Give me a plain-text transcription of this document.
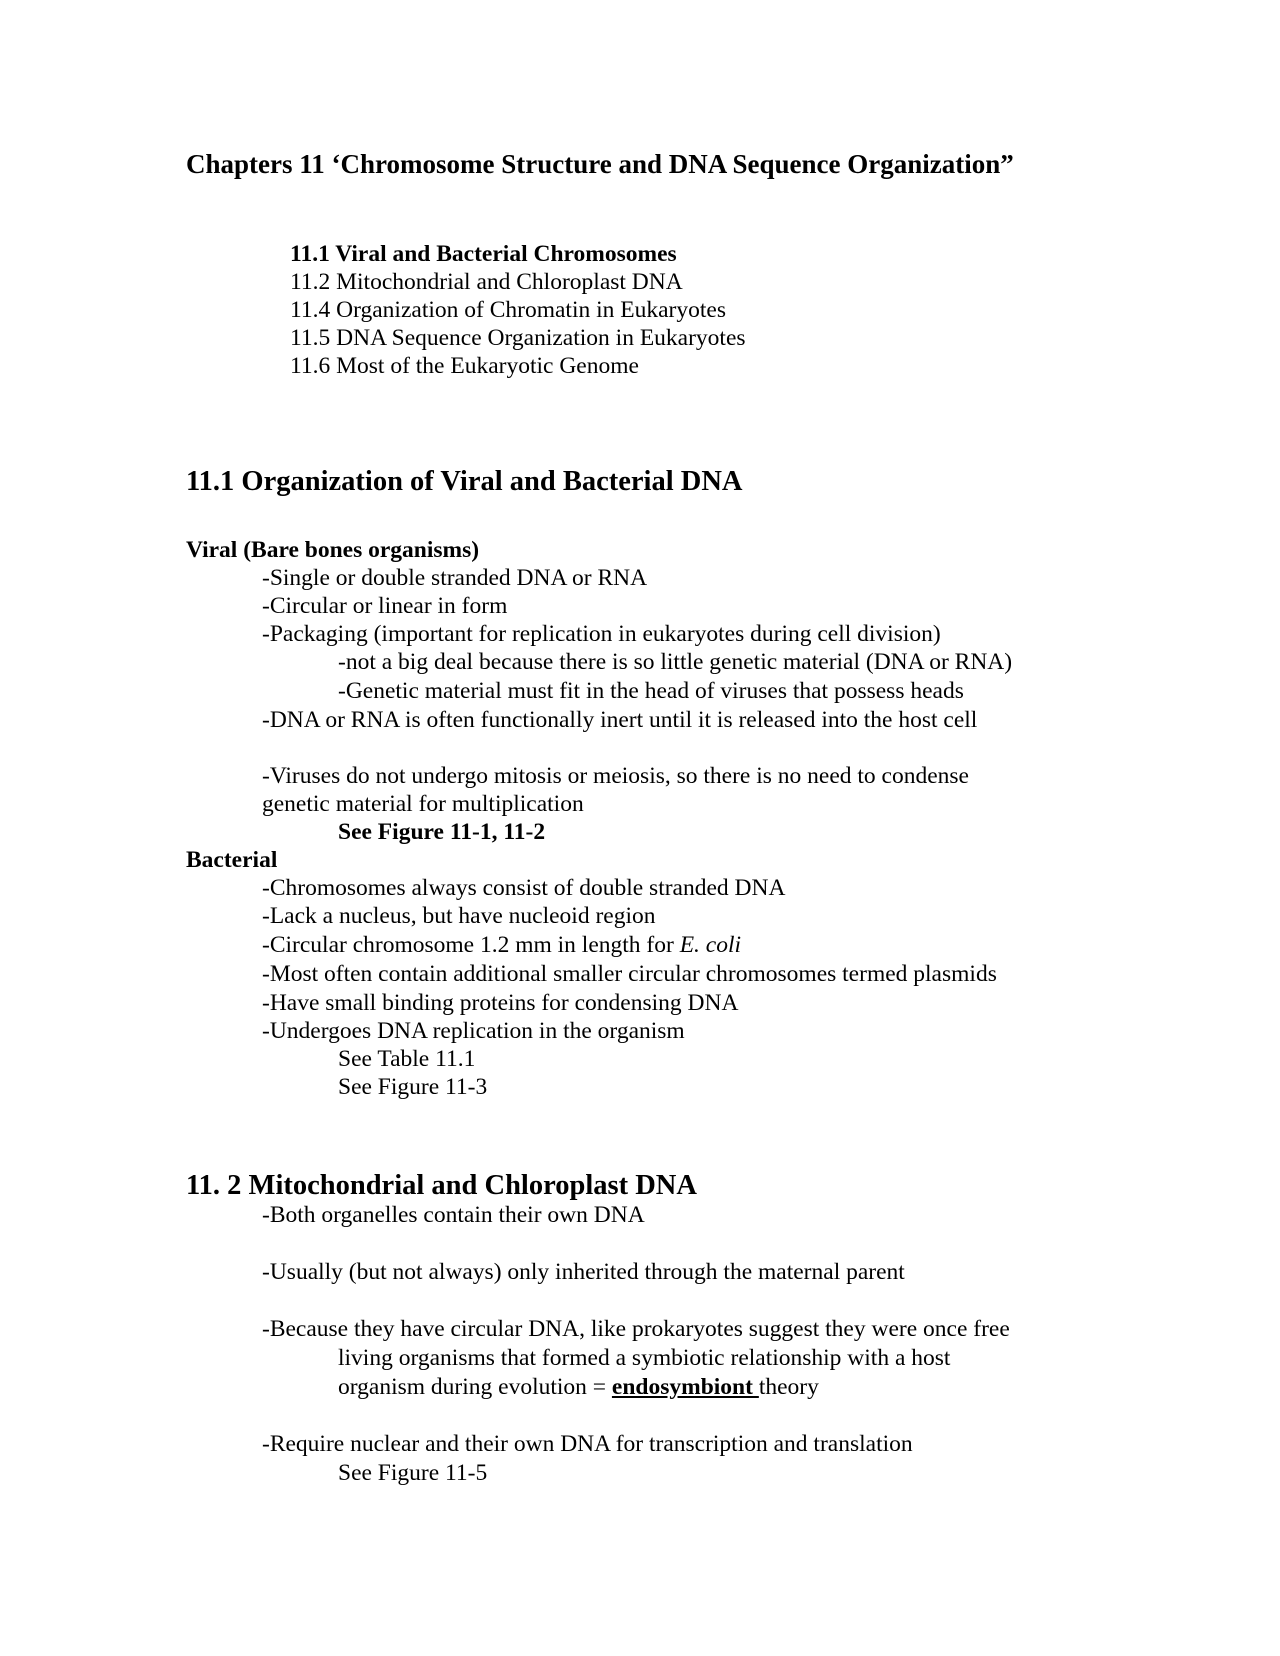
Chapters 11 ‘Chromosome Structure and DNA Sequence Organization”
11.1 Viral and Bacterial Chromosomes
11.2 Mitochondrial and Chloroplast DNA
11.4 Organization of Chromatin in Eukaryotes
11.5 DNA Sequence Organization in Eukaryotes
11.6 Most of the Eukaryotic Genome
11.1 Organization of Viral and Bacterial DNA
Viral (Bare bones organisms)
-Single or double stranded DNA or RNA
-Circular or linear in form
-Packaging (important for replication in eukaryotes during cell division)
-not a big deal because there is so little genetic material (DNA or RNA)
-Genetic material must fit in the head of viruses that possess heads
-DNA or RNA is often functionally inert until it is released into the host cell
-Viruses do not undergo mitosis or meiosis, so there is no need to condense
genetic material for multiplication
See Figure 11-1, 11-2
Bacterial
-Chromosomes always consist of double stranded DNA
-Lack a nucleus, but have nucleoid region
-Circular chromosome 1.2 mm in length for E. coli
-Most often contain additional smaller circular chromosomes termed plasmids
-Have small binding proteins for condensing DNA
-Undergoes DNA replication in the organism
See Table 11.1
See Figure 11-3
11. 2 Mitochondrial and Chloroplast DNA
-Both organelles contain their own DNA
-Usually (but not always) only inherited through the maternal parent
-Because they have circular DNA, like prokaryotes suggest they were once free
living organisms that formed a symbiotic relationship with a host
organism during evolution = endosymbiont theory
-Require nuclear and their own DNA for transcription and translation
See Figure 11-5
